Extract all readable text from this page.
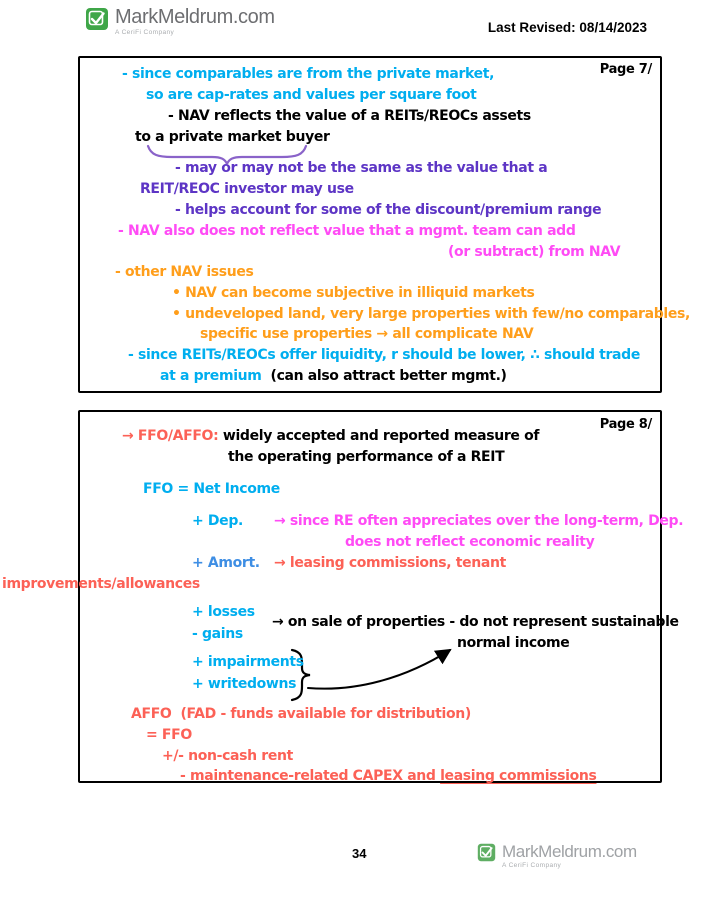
MarkMeldrum.com
A CeriFi Company	Last Revised: 08/14/2023
Page 7/
Page 8/
34	MarkMeldrum.com
A CeriFi Company
- since comparables are from the private market,
so are cap-rates and values per square foot
- NAV reflects the value of a REITs/REOCs assets
to a private market buyer
- may or may not be the same as the value that a
REIT/REOC investor may use
- helps account for some of the discount/premium range
- NAV also does not reflect value that a mgmt. team can add
(or subtract) from NAV
- other NAV issues
• NAV can become subjective in illiquid markets
• undeveloped land, very large properties with few/no comparables,
specific use properties → all complicate NAV
- since REITs/REOCs offer liquidity, r should be lower, ∴ should trade
at a premium  (can also attract better mgmt.)
→ FFO/AFFO: widely accepted and reported measure of
the operating performance of a REIT
FFO = Net Income
+ Dep. → since RE often appreciates over the long-term, Dep.
does not reflect economic reality
+ Amort. → leasing commissions, tenant
improvements/allowances
+ losses
- gains
→ on sale of properties - do not represent sustainable
normal income
+ impairments
+ writedowns
AFFO  (FAD - funds available for distribution)
= FFO
+/- non-cash rent
- maintenance-related CAPEX and leasing commissions
